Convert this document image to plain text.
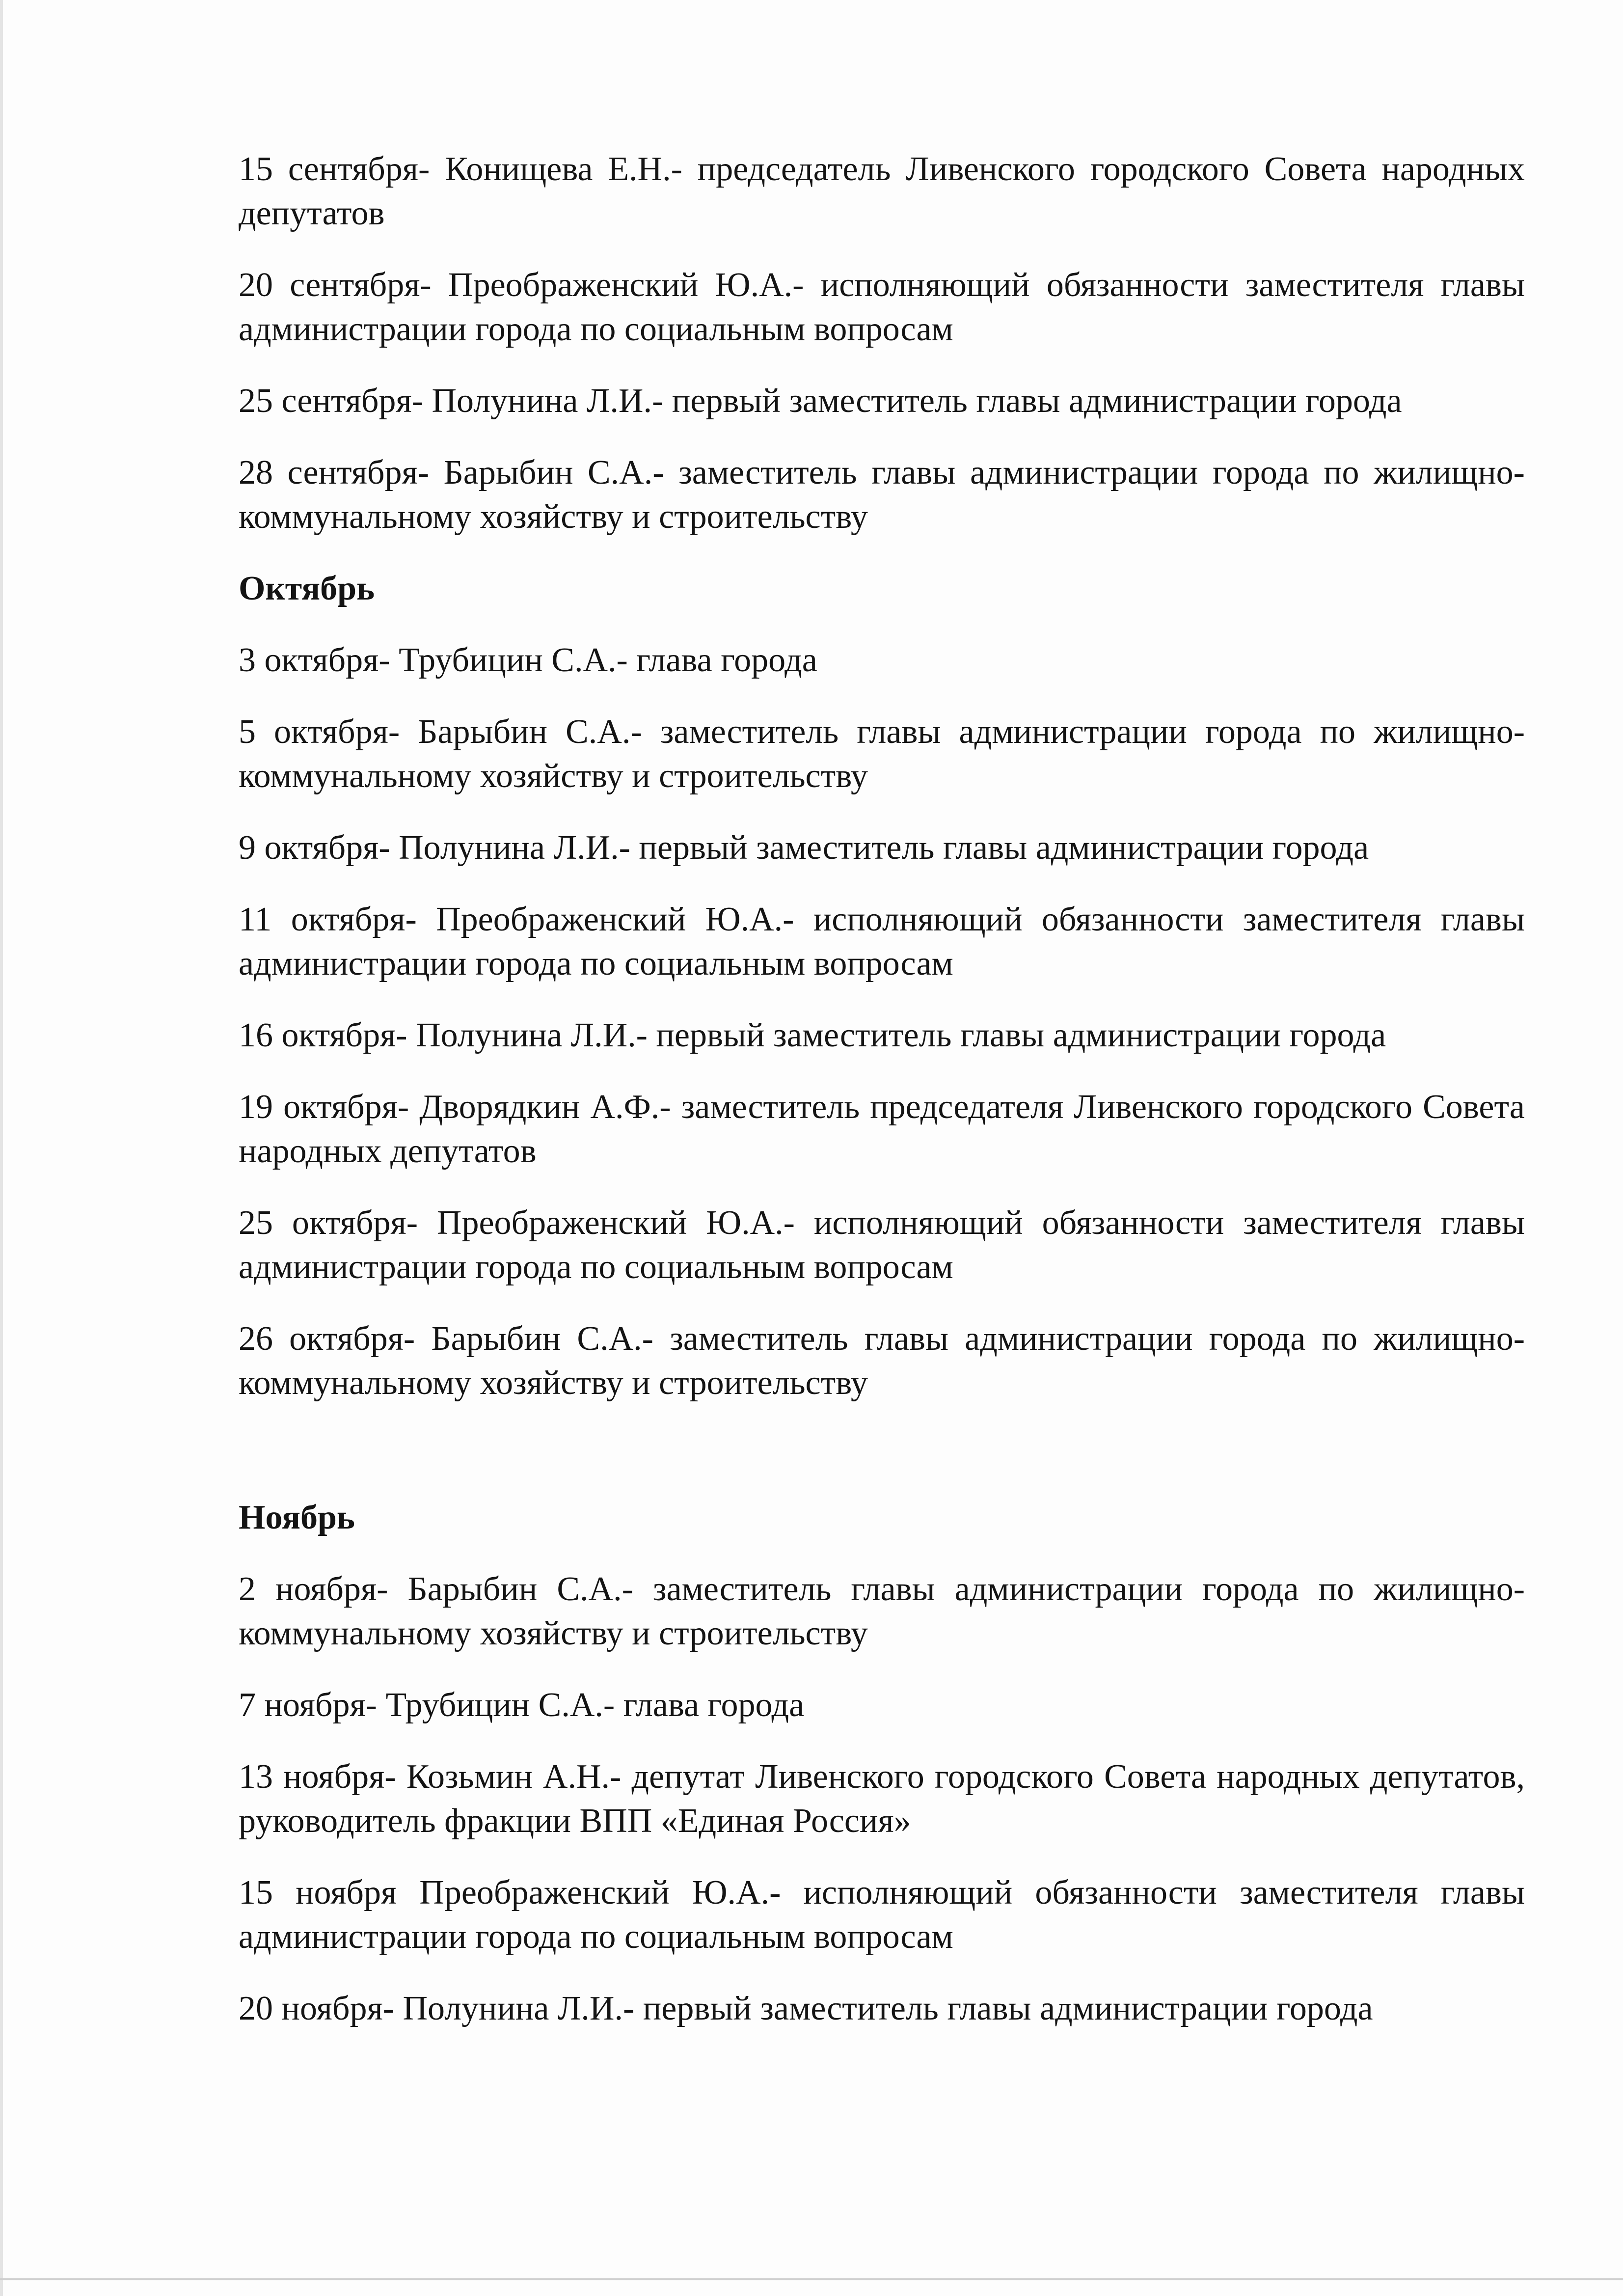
15 сентября- Конищева Е.Н.- председатель Ливенского городского Совета народных депутатов

20 сентября- Преображенский Ю.А.- исполняющий обязанности заместителя главы администрации города по социальным вопросам

25 сентября- Полунина Л.И.- первый заместитель главы администрации города

28 сентября- Барыбин С.А.- заместитель главы администрации города по жилищно-коммунальному хозяйству и строительству

Октябрь

3 октября- Трубицин С.А.- глава города

5 октября- Барыбин С.А.- заместитель главы администрации города по жилищно-коммунальному хозяйству и строительству

9 октября- Полунина Л.И.- первый заместитель главы администрации города

11 октября- Преображенский Ю.А.- исполняющий обязанности заместителя главы администрации города по социальным вопросам

16 октября- Полунина Л.И.- первый заместитель главы администрации города

19 октября- Дворядкин А.Ф.- заместитель председателя Ливенского городского Совета народных депутатов

25 октября- Преображенский Ю.А.- исполняющий обязанности заместителя главы администрации города по социальным вопросам

26 октября- Барыбин С.А.- заместитель главы администрации города по жилищно-коммунальному хозяйству и строительству

Ноябрь

2 ноября- Барыбин С.А.- заместитель главы администрации города по жилищно-коммунальному хозяйству и строительству

7 ноября- Трубицин С.А.- глава города

13 ноября- Козьмин А.Н.- депутат Ливенского городского Совета народных депутатов, руководитель фракции ВПП «Единая Россия»

15 ноября Преображенский Ю.А.- исполняющий обязанности заместителя главы администрации города по социальным вопросам

20 ноября- Полунина Л.И.- первый заместитель главы администрации города
